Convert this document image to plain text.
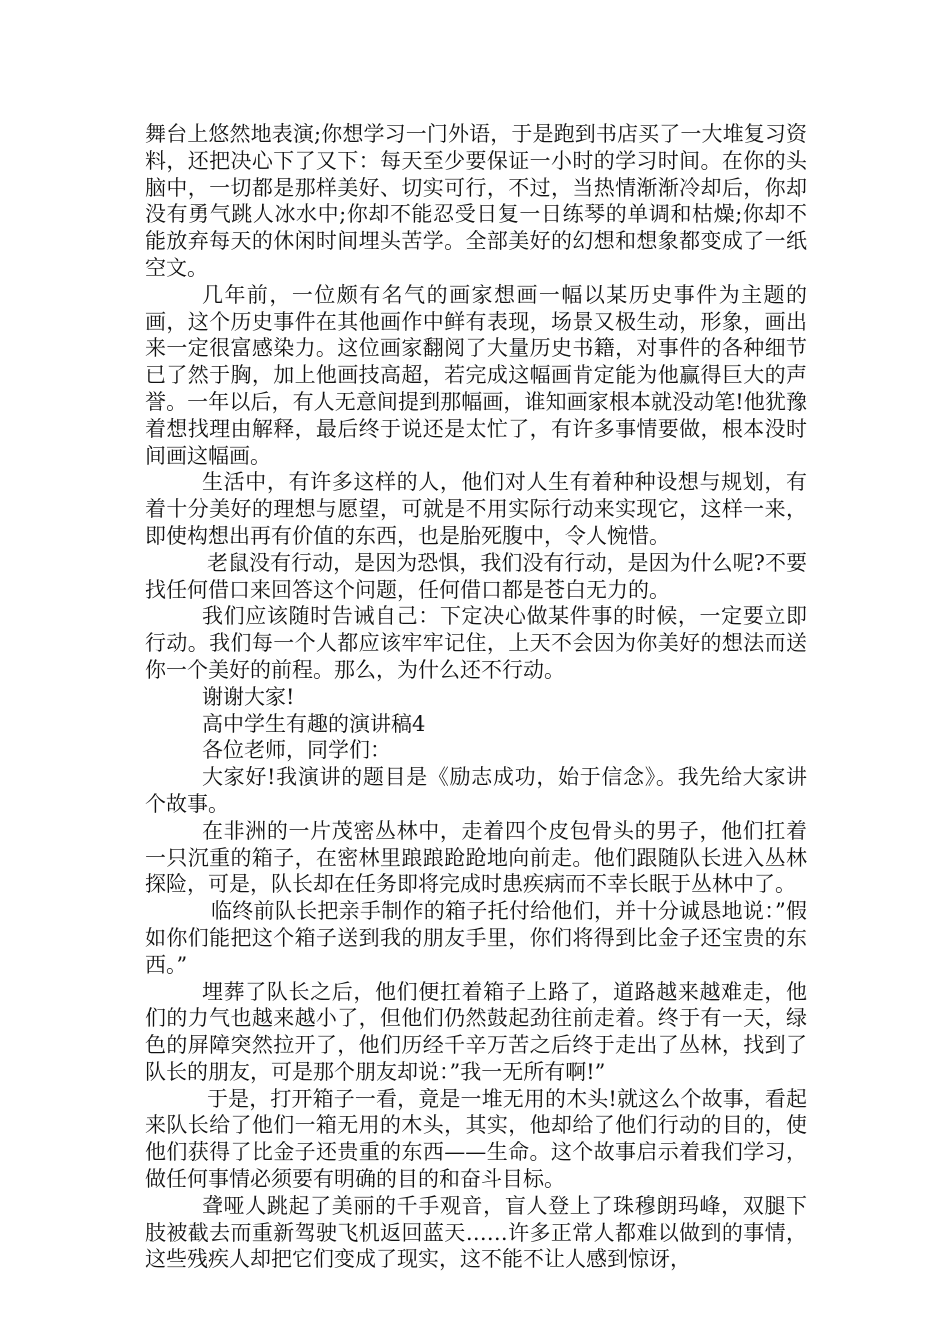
舞台上悠然地表演;你想学习一门外语，于是跑到书店买了一大堆复习资料，还把决心下了又下：每天至少要保证一小时的学习时间。在你的头脑中，一切都是那样美好、切实可行，不过，当热情渐渐冷却后，你却没有勇气跳人冰水中;你却不能忍受日复一日练琴的单调和枯燥;你却不能放弃每天的休闲时间埋头苦学。全部美好的幻想和想象都变成了一纸空文。

几年前，一位颇有名气的画家想画一幅以某历史事件为主题的画，这个历史事件在其他画作中鲜有表现，场景又极生动，形象，画出来一定很富感染力。这位画家翻阅了大量历史书籍，对事件的各种细节已了然于胸，加上他画技高超，若完成这幅画肯定能为他赢得巨大的声誉。一年以后，有人无意间提到那幅画，谁知画家根本就没动笔!他犹豫着想找理由解释，最后终于说还是太忙了，有许多事情要做，根本没时间画这幅画。

生活中，有许多这样的人，他们对人生有着种种设想与规划，有着十分美好的理想与愿望，可就是不用实际行动来实现它，这样一来，即使构想出再有价值的东西，也是胎死腹中，令人惋惜。

老鼠没有行动，是因为恐惧，我们没有行动，是因为什么呢?不要找任何借口来回答这个问题，任何借口都是苍白无力的。

我们应该随时告诫自己：下定决心做某件事的时候，一定要立即行动。我们每一个人都应该牢牢记住，上天不会因为你美好的想法而送你一个美好的前程。那么，为什么还不行动。

谢谢大家!

高中学生有趣的演讲稿4

各位老师，同学们：

大家好!我演讲的题目是《励志成功，始于信念》。我先给大家讲个故事。

在非洲的一片茂密丛林中，走着四个皮包骨头的男子，他们扛着一只沉重的箱子，在密林里踉踉跄跄地向前走。他们跟随队长进入丛林探险，可是，队长却在任务即将完成时患疾病而不幸长眠于丛林中了。

临终前队长把亲手制作的箱子托付给他们，并十分诚恳地说：”假如你们能把这个箱子送到我的朋友手里，你们将得到比金子还宝贵的东西。”

埋葬了队长之后，他们便扛着箱子上路了，道路越来越难走，他们的力气也越来越小了，但他们仍然鼓起劲往前走着。终于有一天，绿色的屏障突然拉开了，他们历经千辛万苦之后终于走出了丛林，找到了队长的朋友，可是那个朋友却说：”我一无所有啊!”

于是，打开箱子一看，竟是一堆无用的木头!就这么个故事，看起来队长给了他们一箱无用的木头，其实，他却给了他们行动的目的，使他们获得了比金子还贵重的东西——生命。这个故事启示着我们学习，做任何事情必须要有明确的目的和奋斗目标。

聋哑人跳起了美丽的千手观音，盲人登上了珠穆朗玛峰，双腿下肢被截去而重新驾驶飞机返回蓝天……许多正常人都难以做到的事情，这些残疾人却把它们变成了现实，这不能不让人感到惊讶，
